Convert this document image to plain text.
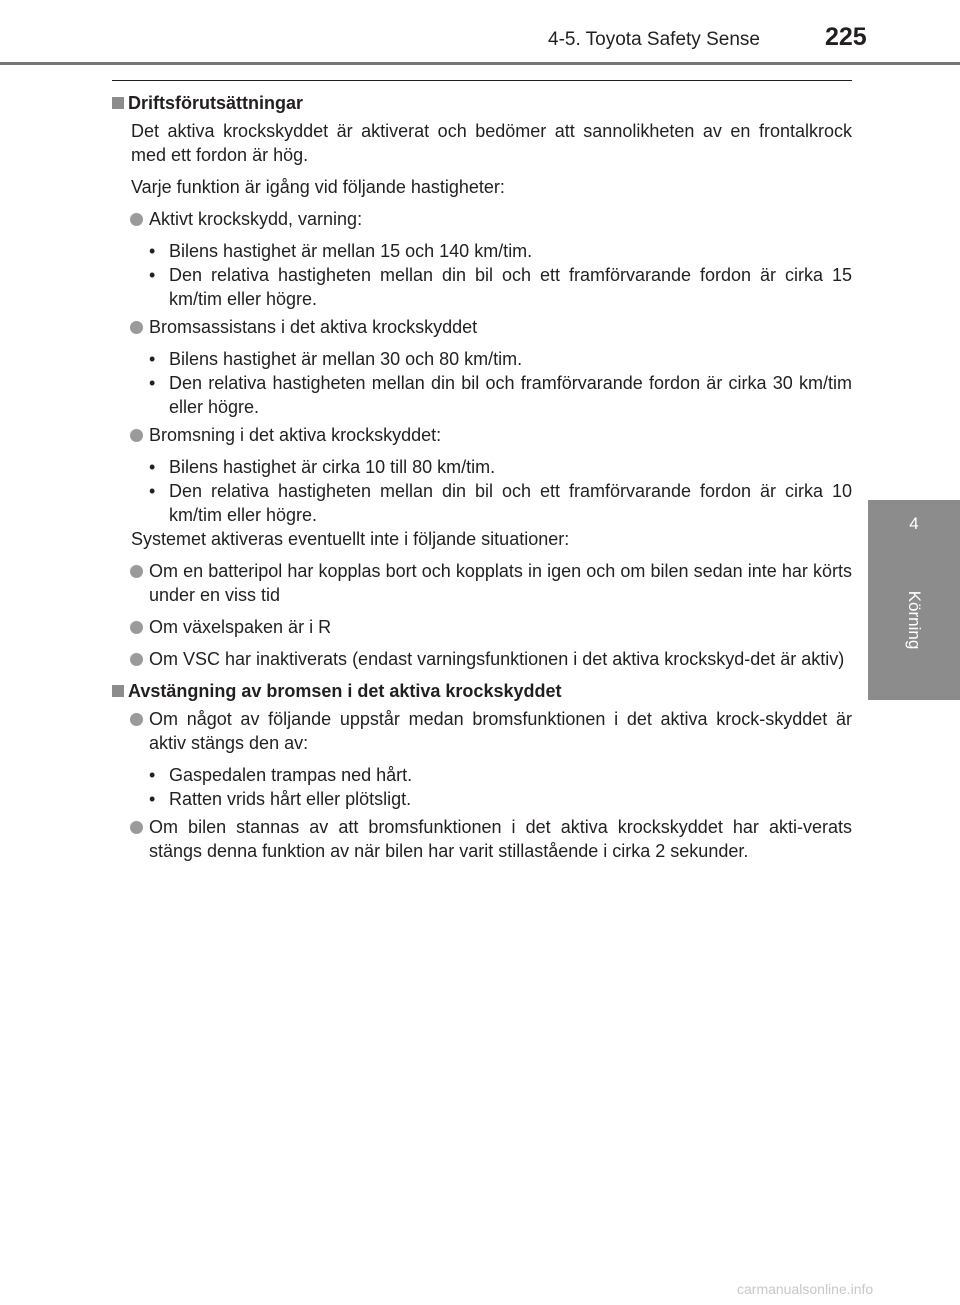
4-5. Toyota Safety Sense	225
4
Körning
Driftsförutsättningar

Det aktiva krockskyddet är aktiverat och bedömer att sannolikheten av en frontalkrock med ett fordon är hög.

Varje funktion är igång vid följande hastigheter:

Aktivt krockskydd, varning:
• Bilens hastighet är mellan 15 och 140 km/tim.
• Den relativa hastigheten mellan din bil och ett framförvarande fordon är cirka 15 km/tim eller högre.
Bromsassistans i det aktiva krockskyddet
• Bilens hastighet är mellan 30 och 80 km/tim.
• Den relativa hastigheten mellan din bil och framförvarande fordon är cirka 30 km/tim eller högre.
Bromsning i det aktiva krockskyddet:
• Bilens hastighet är cirka 10 till 80 km/tim.
• Den relativa hastigheten mellan din bil och ett framförvarande fordon är cirka 10 km/tim eller högre.

Systemet aktiveras eventuellt inte i följande situationer:

Om en batteripol har kopplas bort och kopplats in igen och om bilen sedan inte har körts under en viss tid
Om växelspaken är i R
Om VSC har inaktiverats (endast varningsfunktionen i det aktiva krockskyd-det är aktiv)
Avstängning av bromsen i det aktiva krockskyddet
Om något av följande uppstår medan bromsfunktionen i det aktiva krock-skyddet är aktiv stängs den av:
• Gaspedalen trampas ned hårt.
• Ratten vrids hårt eller plötsligt.
Om bilen stannas av att bromsfunktionen i det aktiva krockskyddet har akti-verats stängs denna funktion av när bilen har varit stillastående i cirka 2 sekunder.
carmanualsonline.info
